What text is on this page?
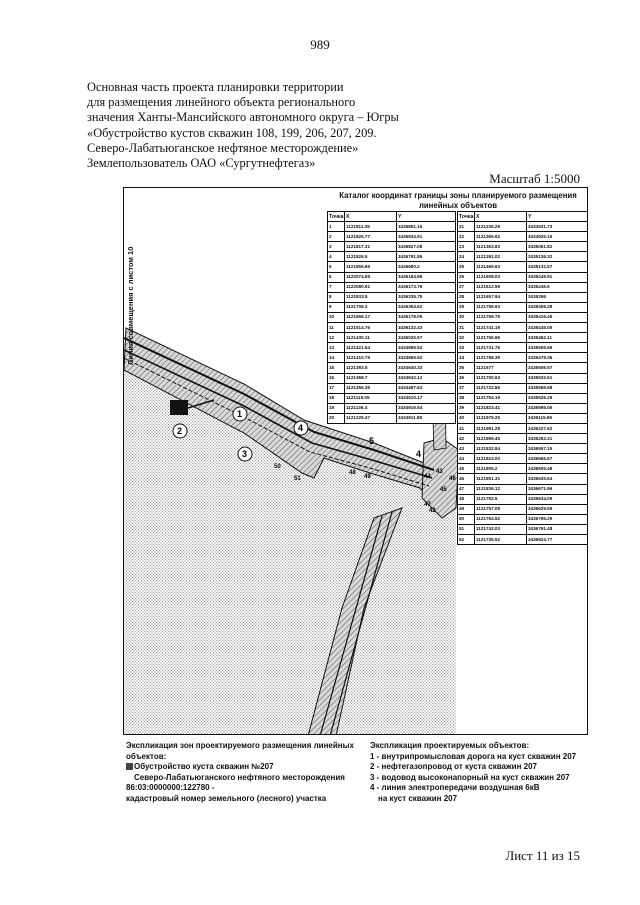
989
Основная часть проекта планировки территории
для размещения линейного объекта регионального
значения Ханты-Мансийского автономного округа – Югры
«Обустройство кустов скважин 108, 199, 206, 207, 209.
Северо-Лабатьюганское нефтяное месторождение»
Землепользователь ОАО «Сургутнефтегаз»
Масштаб 1:5000
1
2
3
4
5
4
43
44	46
45
47
42
48
49
50
51
Линия совмещения с листом 10
Каталог координат границы зоны планируемого размещения линейных объектов
Точка	X	Y
1	1121811.35	3436851.16
2	1121825.77	3436834.91
3	1121817.31	3436827.08
4	1121826.5	3436791.86
5	1121855.66	3436680.2
6	1122074.65	3436184.86
7	1122080.61	3436173.76
8	1121833.5	3436335.75
9	1121706.3	3436354.62
10	1121656.17	3436178.05
11	1121514.76	3436132.43
12	1121430.11	3436025.57
13	1121421.64	3434865.52
14	1121410.75	3434865.52
15	1121393.5	3434640.33
16	1121368.7	3434642.12
17	1121356.36	3434497.63
18	1121115.05	3434510.17
19	1121136.4	3434916.54
20	1121225.47	3434911.88
Точка	X	Y
21	1121235.28	3434931.73
22	1121365.62	3434925.16
23	1121363.83	3435061.82
24	1121391.02	3435136.32
25	1121469.63	3435132.57
26	1121608.03	3435249.91
27	1121612.59	3435246.6
28	1121657.94	3435296
29	1121758.93	3435406.28
30	1121769.75	3435416.45
31	1121741.19	3435445.05
32	1121756.65	3435462.11
33	1121731.76	3435506.59
34	1121768.39	3435479.36
35	1121677	3435506.57
36	1121700.63	3435532.61
37	1121722.86	3435556.58
38	1121754.19	3435526.29
39	1121823.41	3435595.06
40	1121979.25	3436115.96
41	1121981.28	3436227.62
42	1121869.45	3436262.31
43	1121832.94	3436557.15
44	1121824.00	3436565.67
45	1121805.2	3436605.48
46	1121851.31	3436635.64
47	1121836.12	3436671.96
48	1121792.5	3436634.09
49	1121757.09	3436629.59
50	1121764.52	3436796.29
51	1121743.03	3436791.48
52	1121735.52	3436824.77
Экспликация зон проектируемого размещения линейных объектов:
Обустройство куста скважин №207
Северо-Лабатьюганского нефтяного месторождения
86:03:0000000:122780 -
кадастровый номер земельного (лесного) участка
Экспликация проектируемых объектов:
1 - внутрипромысловая дорога на куст скважин 207
2 - нефтегазопровод от куста скважин 207
3 - водовод высоконапорный на куст скважин 207
4 - линия электропередачи воздушная 6кВ
на куст скважин 207
Лист 11 из 15
